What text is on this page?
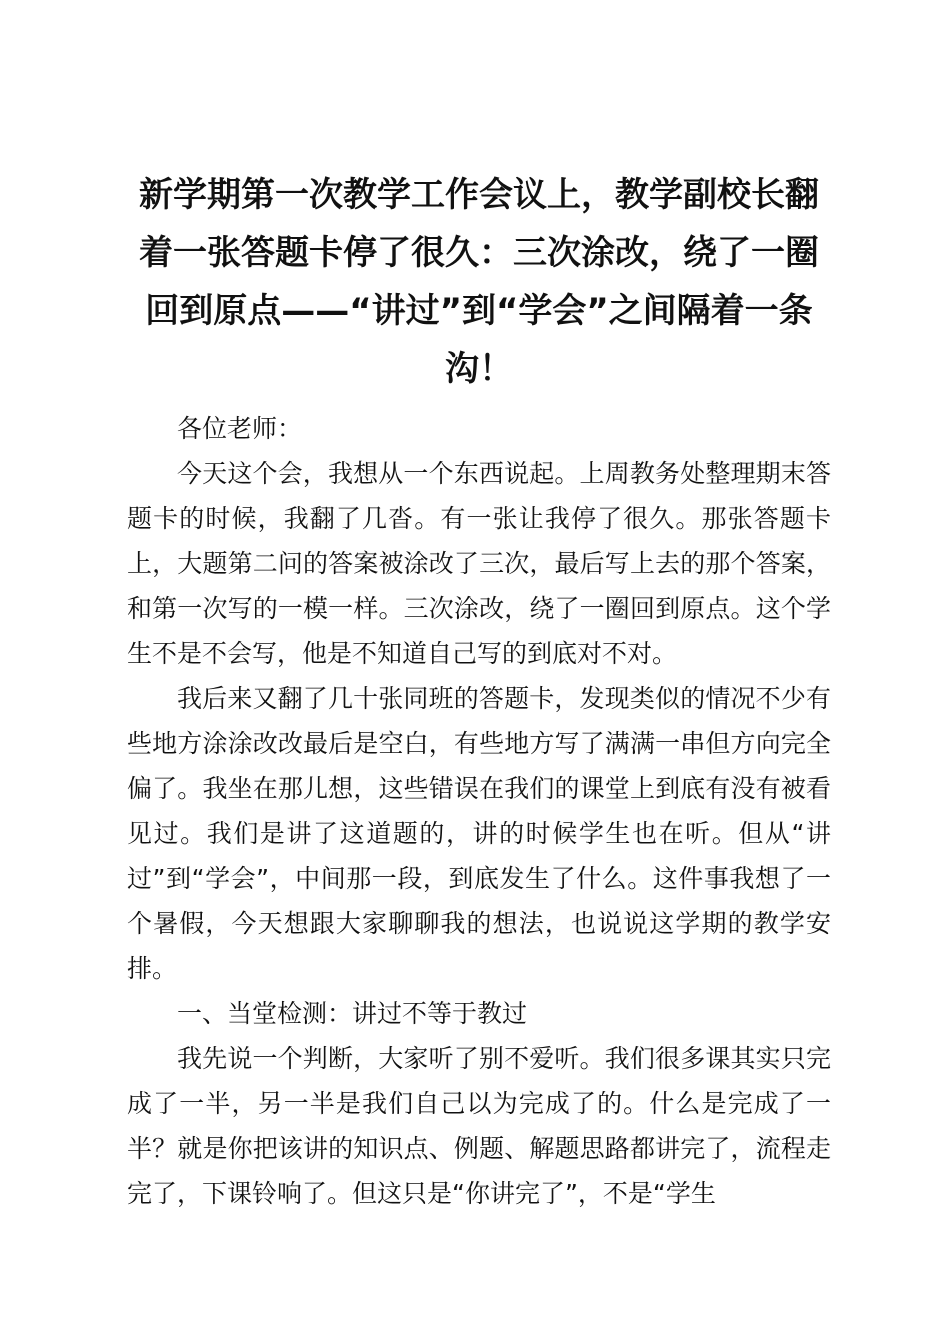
新学期第一次教学工作会议上，教学副校长翻着一张答题卡停了很久：三次涂改，绕了一圈回到原点——“讲过”到“学会”之间隔着一条沟！

各位老师：

今天这个会，我想从一个东西说起。上周教务处整理期末答题卡的时候，我翻了几沓。有一张让我停了很久。那张答题卡上，大题第二问的答案被涂改了三次，最后写上去的那个答案，和第一次写的一模一样。三次涂改，绕了一圈回到原点。这个学生不是不会写，他是不知道自己写的到底对不对。

我后来又翻了几十张同班的答题卡，发现类似的情况不少有些地方涂涂改改最后是空白，有些地方写了满满一串但方向完全偏了。我坐在那儿想，这些错误在我们的课堂上到底有没有被看见过。我们是讲了这道题的，讲的时候学生也在听。但从“讲过”到“学会”，中间那一段，到底发生了什么。这件事我想了一个暑假，今天想跟大家聊聊我的想法，也说说这学期的教学安排。

一、当堂检测：讲过不等于教过

我先说一个判断，大家听了别不爱听。我们很多课其实只完成了一半，另一半是我们自己以为完成了的。什么是完成了一半？就是你把该讲的知识点、例题、解题思路都讲完了，流程走完了，下课铃响了。但这只是“你讲完了”，不是“学生
